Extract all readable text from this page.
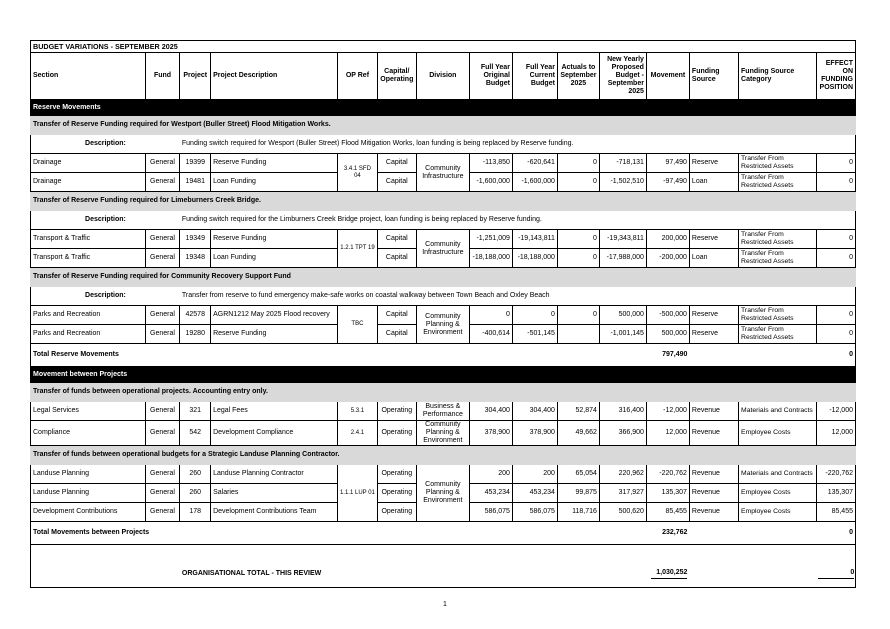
BUDGET VARIATIONS - SEPTEMBER 2025														
Section	Fund	Project	Project Description	OP Ref	Capital/ Operating	Division	Full Year Original Budget	Full Year Current Budget	Actuals to September 2025	New Yearly Proposed Budget - September 2025	Movement	Funding Source	Funding Source Category	EFFECT ON FUNDING POSITION
Reserve Movements														
Transfer of Reserve Funding required for Westport (Buller Street) Flood Mitigation Works.														
Description:		Funding switch required for Wesport (Buller Street) Flood Mitigation Works, loan funding is being replaced by Reserve funding.												
Drainage	General	19399	Reserve Funding	3.4.1 SFD 04	Capital	Community Infrastructure	-113,850	-620,641	0	-718,131	97,490	Reserve	Transfer From Restricted Assets	0
Drainage	General	19481	Loan Funding		Capital		-1,600,000	-1,600,000	0	-1,502,510	-97,490	Loan	Transfer From Restricted Assets	0
Transfer of Reserve Funding required for Limeburners Creek Bridge.														
Description:		Funding switch required for the Limburners Creek Bridge project, loan funding is being replaced by Reserve funding.												
Transport & Traffic	General	19349	Reserve Funding	1.2.1 TPT 19	Capital	Community Infrastructure	-1,251,009	-19,143,811	0	-19,343,811	200,000	Reserve	Transfer From Restricted Assets	0
Transport & Traffic	General	19348	Loan Funding		Capital		-18,188,000	-18,188,000	0	-17,988,000	-200,000	Loan	Transfer From Restricted Assets	0
Transfer of Reserve Funding required for Community Recovery Support Fund														
Description:		Transfer from reserve to fund emergency make-safe works on coastal walkway between Town Beach and Oxley Beach												
Parks and Recreation	General	42578	AGRN1212 May 2025 Flood recovery	TBC	Capital	Community Planning & Environment	0	0	0	500,000	-500,000	Reserve	Transfer From Restricted Assets	0
Parks and Recreation	General	19280	Reserve Funding		Capital		-400,614	-501,145		-1,001,145	500,000	Reserve	Transfer From Restricted Assets	0
Total Reserve Movements											797,490			0
Movement between Projects														
Transfer of funds between operational projects. Accounting entry only.														
Legal Services	General	321	Legal Fees	5.3.1	Operating	Business & Performance	304,400	304,400	52,874	316,400	-12,000	Revenue	Materials and Contracts	-12,000
Compliance	General	542	Development Compliance	2.4.1	Operating	Community Planning & Environment	378,900	378,900	49,662	366,900	12,000	Revenue	Employee Costs	12,000
Transfer of funds between operational budgets for a Strategic Landuse Planning Contractor.														
Landuse Planning	General	260	Landuse Planning Contractor	1.1.1 LUP 01	Operating	Community Planning & Environment	200	200	65,054	220,962	-220,762	Revenue	Materials and Contracts	-220,762
Landuse Planning	General	260	Salaries		Operating		453,234	453,234	99,875	317,927	135,307	Revenue	Employee Costs	135,307
Development Contributions	General	178	Development Contributions Team		Operating		586,075	586,075	118,716	500,620	85,455	Revenue	Employee Costs	85,455
Total Movements between Projects											232,762			0

		ORGANISATIONAL TOTAL - THIS REVIEW									1,030,252			0
1
